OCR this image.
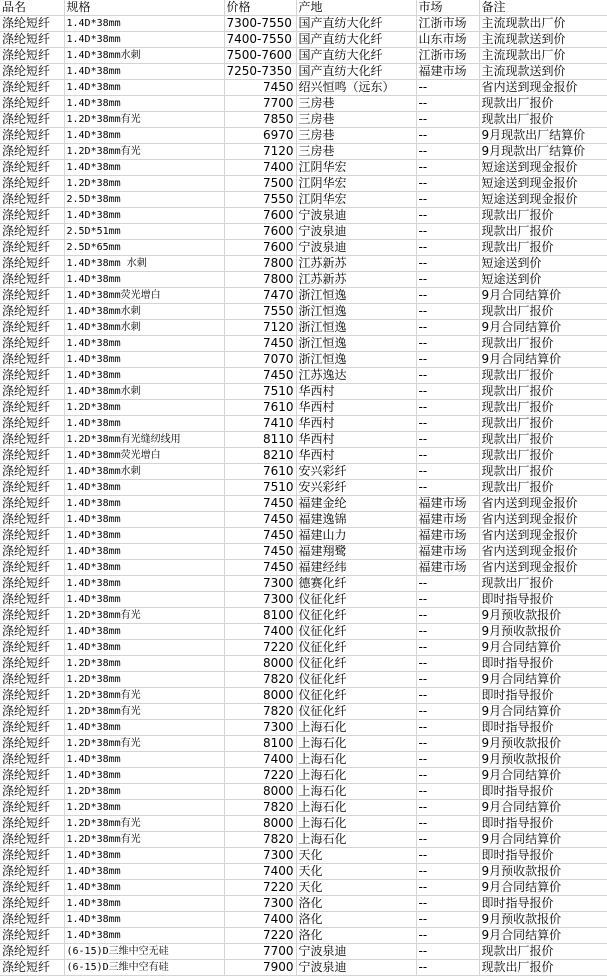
品名	规格	价格	产地	市场	备注
涤纶短纤	1.4D*38mm	7300-7550	国产直纺大化纤	江浙市场	主流现款出厂价
涤纶短纤	1.4D*38mm	7400-7550	国产直纺大化纤	山东市场	主流现款送到价
涤纶短纤	1.4D*38mm水刺	7500-7600	国产直纺大化纤	江浙市场	主流现款出厂价
涤纶短纤	1.4D*38mm	7250-7350	国产直纺大化纤	福建市场	主流现款送到价
涤纶短纤	1.4D*38mm	7450	绍兴恒鸣（远东）	--	省内送到现金报价
涤纶短纤	1.4D*38mm	7700	三房巷	--	现款出厂报价
涤纶短纤	1.2D*38mm有光	7850	三房巷	--	现款出厂报价
涤纶短纤	1.4D*38mm	6970	三房巷	--	9月现款出厂结算价
涤纶短纤	1.2D*38mm有光	7120	三房巷	--	9月现款出厂结算价
涤纶短纤	1.4D*38mm	7400	江阴华宏	--	短途送到现金报价
涤纶短纤	1.2D*38mm	7500	江阴华宏	--	短途送到现金报价
涤纶短纤	2.5D*38mm	7550	江阴华宏	--	短途送到现金报价
涤纶短纤	1.4D*38mm	7600	宁波泉迪	--	现款出厂报价
涤纶短纤	2.5D*51mm	7600	宁波泉迪	--	现款出厂报价
涤纶短纤	2.5D*65mm	7600	宁波泉迪	--	现款出厂报价
涤纶短纤	1.4D*38mm 水刺	7800	江苏新苏	--	短途送到价
涤纶短纤	1.4D*38mm	7800	江苏新苏	--	短途送到价
涤纶短纤	1.4D*38mm荧光增白	7470	浙江恒逸	--	9月合同结算价
涤纶短纤	1.4D*38mm水刺	7550	浙江恒逸	--	现款出厂报价
涤纶短纤	1.4D*38mm水刺	7120	浙江恒逸	--	9月合同结算价
涤纶短纤	1.4D*38mm	7450	浙江恒逸	--	现款出厂报价
涤纶短纤	1.4D*38mm	7070	浙江恒逸	--	9月合同结算价
涤纶短纤	1.4D*38mm	7450	江苏逸达	--	现款出厂报价
涤纶短纤	1.4D*38mm水刺	7510	华西村	--	现款出厂报价
涤纶短纤	1.2D*38mm	7610	华西村	--	现款出厂报价
涤纶短纤	1.4D*38mm	7410	华西村	--	现款出厂报价
涤纶短纤	1.2D*38mm有光缝纫线用	8110	华西村	--	现款出厂报价
涤纶短纤	1.4D*38mm荧光增白	8210	华西村	--	现款出厂报价
涤纶短纤	1.4D*38mm水刺	7610	安兴彩纤	--	现款出厂报价
涤纶短纤	1.4D*38mm	7510	安兴彩纤	--	现款出厂报价
涤纶短纤	1.4D*38mm	7450	福建金纶	福建市场	省内送到现金报价
涤纶短纤	1.4D*38mm	7450	福建逸锦	福建市场	省内送到现金报价
涤纶短纤	1.4D*38mm	7450	福建山力	福建市场	省内送到现金报价
涤纶短纤	1.4D*38mm	7450	福建翔鹭	福建市场	省内送到现金报价
涤纶短纤	1.4D*38mm	7450	福建经纬	福建市场	省内送到现金报价
涤纶短纤	1.4D*38mm	7300	德赛化纤	--	现款出厂报价
涤纶短纤	1.4D*38mm	7300	仪征化纤	--	即时指导报价
涤纶短纤	1.2D*38mm有光	8100	仪征化纤	--	9月预收款报价
涤纶短纤	1.4D*38mm	7400	仪征化纤	--	9月预收款报价
涤纶短纤	1.4D*38mm	7220	仪征化纤	--	9月合同结算价
涤纶短纤	1.2D*38mm	8000	仪征化纤	--	即时指导报价
涤纶短纤	1.2D*38mm	7820	仪征化纤	--	9月合同结算价
涤纶短纤	1.2D*38mm有光	8000	仪征化纤	--	即时指导报价
涤纶短纤	1.2D*38mm有光	7820	仪征化纤	--	9月合同结算价
涤纶短纤	1.4D*38mm	7300	上海石化	--	即时指导报价
涤纶短纤	1.2D*38mm有光	8100	上海石化	--	9月预收款报价
涤纶短纤	1.4D*38mm	7400	上海石化	--	9月预收款报价
涤纶短纤	1.4D*38mm	7220	上海石化	--	9月合同结算价
涤纶短纤	1.2D*38mm	8000	上海石化	--	即时指导报价
涤纶短纤	1.2D*38mm	7820	上海石化	--	9月合同结算价
涤纶短纤	1.2D*38mm有光	8000	上海石化	--	即时指导报价
涤纶短纤	1.2D*38mm有光	7820	上海石化	--	9月合同结算价
涤纶短纤	1.4D*38mm	7300	天化	--	即时指导报价
涤纶短纤	1.4D*38mm	7400	天化	--	9月预收款报价
涤纶短纤	1.4D*38mm	7220	天化	--	9月合同结算价
涤纶短纤	1.4D*38mm	7300	洛化	--	即时指导报价
涤纶短纤	1.4D*38mm	7400	洛化	--	9月预收款报价
涤纶短纤	1.4D*38mm	7220	洛化	--	9月合同结算价
涤纶短纤	(6-15)D三维中空无硅	7700	宁波泉迪	--	现款出厂报价
涤纶短纤	(6-15)D三维中空有硅	7900	宁波泉迪	--	现款出厂报价
